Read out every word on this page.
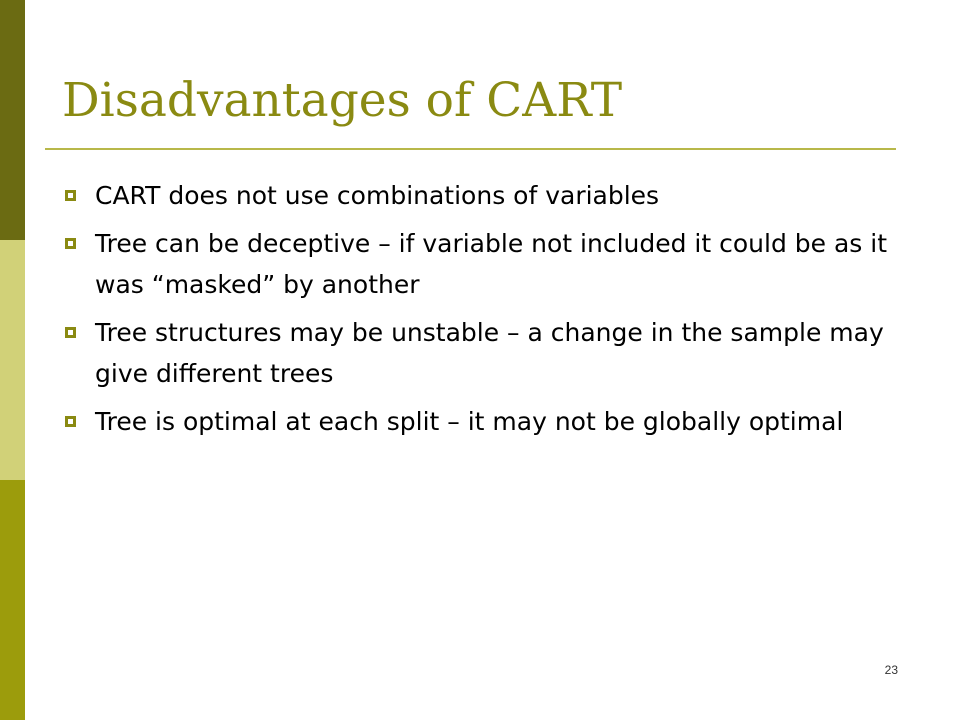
Disadvantages of CART
CART does not use combinations of variables
Tree can be deceptive – if variable not included it could be as it was “masked” by another
Tree structures may be unstable – a change in the sample may give different trees
Tree is optimal at each split – it may not be globally optimal
23
